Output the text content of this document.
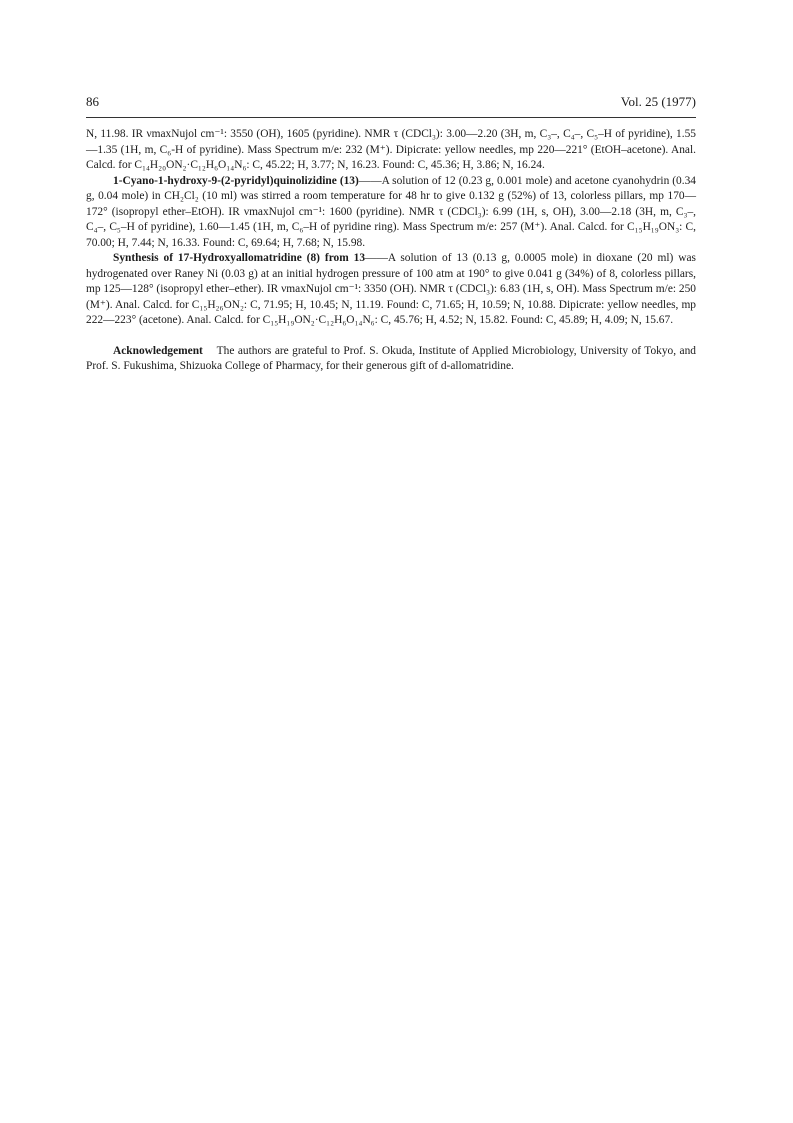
86	Vol. 25 (1977)

N, 11.98. IR νmaxNujol cm⁻¹: 3550 (OH), 1605 (pyridine). NMR τ (CDCl₃): 3.00—2.20 (3H, m, C₃–, C₄–, C₅–H of pyridine), 1.55—1.35 (1H, m, C₆-H of pyridine). Mass Spectrum m/e: 232 (M⁺). Dipicrate: yellow needles, mp 220—221° (EtOH–acetone). Anal. Calcd. for C₁₄H₂₀ON₂·C₁₂H₆O₁₄N₆: C, 45.22; H, 3.77; N, 16.23. Found: C, 45.36; H, 3.86; N, 16.24.

1-Cyano-1-hydroxy-9-(2-pyridyl)quinolizidine (13)——A solution of 12 (0.23 g, 0.001 mole) and acetone cyanohydrin (0.34 g, 0.04 mole) in CH₂Cl₂ (10 ml) was stirred a room temperature for 48 hr to give 0.132 g (52%) of 13, colorless pillars, mp 170—172° (isopropyl ether–EtOH). IR νmaxNujol cm⁻¹: 1600 (pyridine). NMR τ (CDCl₃): 6.99 (1H, s, OH), 3.00—2.18 (3H, m, C₃–, C₄–, C₅–H of pyridine), 1.60—1.45 (1H, m, C₆–H of pyridine ring). Mass Spectrum m/e: 257 (M⁺). Anal. Calcd. for C₁₅H₁₉ON₃: C, 70.00; H, 7.44; N, 16.33. Found: C, 69.64; H, 7.68; N, 15.98.

Synthesis of 17-Hydroxyallomatridine (8) from 13——A solution of 13 (0.13 g, 0.0005 mole) in dioxane (20 ml) was hydrogenated over Raney Ni (0.03 g) at an initial hydrogen pressure of 100 atm at 190° to give 0.041 g (34%) of 8, colorless pillars, mp 125—128° (isopropyl ether–ether). IR νmaxNujol cm⁻¹: 3350 (OH). NMR τ (CDCl₃): 6.83 (1H, s, OH). Mass Spectrum m/e: 250 (M⁺). Anal. Calcd. for C₁₅H₂₆ON₂: C, 71.95; H, 10.45; N, 11.19. Found: C, 71.65; H, 10.59; N, 10.88. Dipicrate: yellow needles, mp 222—223° (acetone). Anal. Calcd. for C₁₅H₁₉ON₂·C₁₂H₆O₁₄N₆: C, 45.76; H, 4.52; N, 15.82. Found: C, 45.89; H, 4.09; N, 15.67.

Acknowledgement The authors are grateful to Prof. S. Okuda, Institute of Applied Microbiology, University of Tokyo, and Prof. S. Fukushima, Shizuoka College of Pharmacy, for their generous gift of d-allomatridine.
